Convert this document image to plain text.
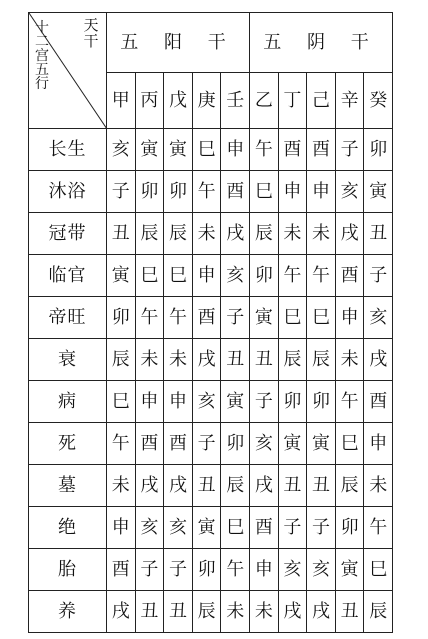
天干
十二宫五行	五 阳 干					五 阴 干				
	甲	丙	戊	庚	壬	乙	丁	己	辛	癸
长生	亥	寅	寅	巳	申	午	酉	酉	子	卯
沐浴	子	卯	卯	午	酉	巳	申	申	亥	寅
冠带	丑	辰	辰	未	戌	辰	未	未	戌	丑
临官	寅	巳	巳	申	亥	卯	午	午	酉	子
帝旺	卯	午	午	酉	子	寅	巳	巳	申	亥
衰	辰	未	未	戌	丑	丑	辰	辰	未	戌
病	巳	申	申	亥	寅	子	卯	卯	午	酉
死	午	酉	酉	子	卯	亥	寅	寅	巳	申
墓	未	戌	戌	丑	辰	戌	丑	丑	辰	未
绝	申	亥	亥	寅	巳	酉	子	子	卯	午
胎	酉	子	子	卯	午	申	亥	亥	寅	巳
养	戌	丑	丑	辰	未	未	戌	戌	丑	辰
